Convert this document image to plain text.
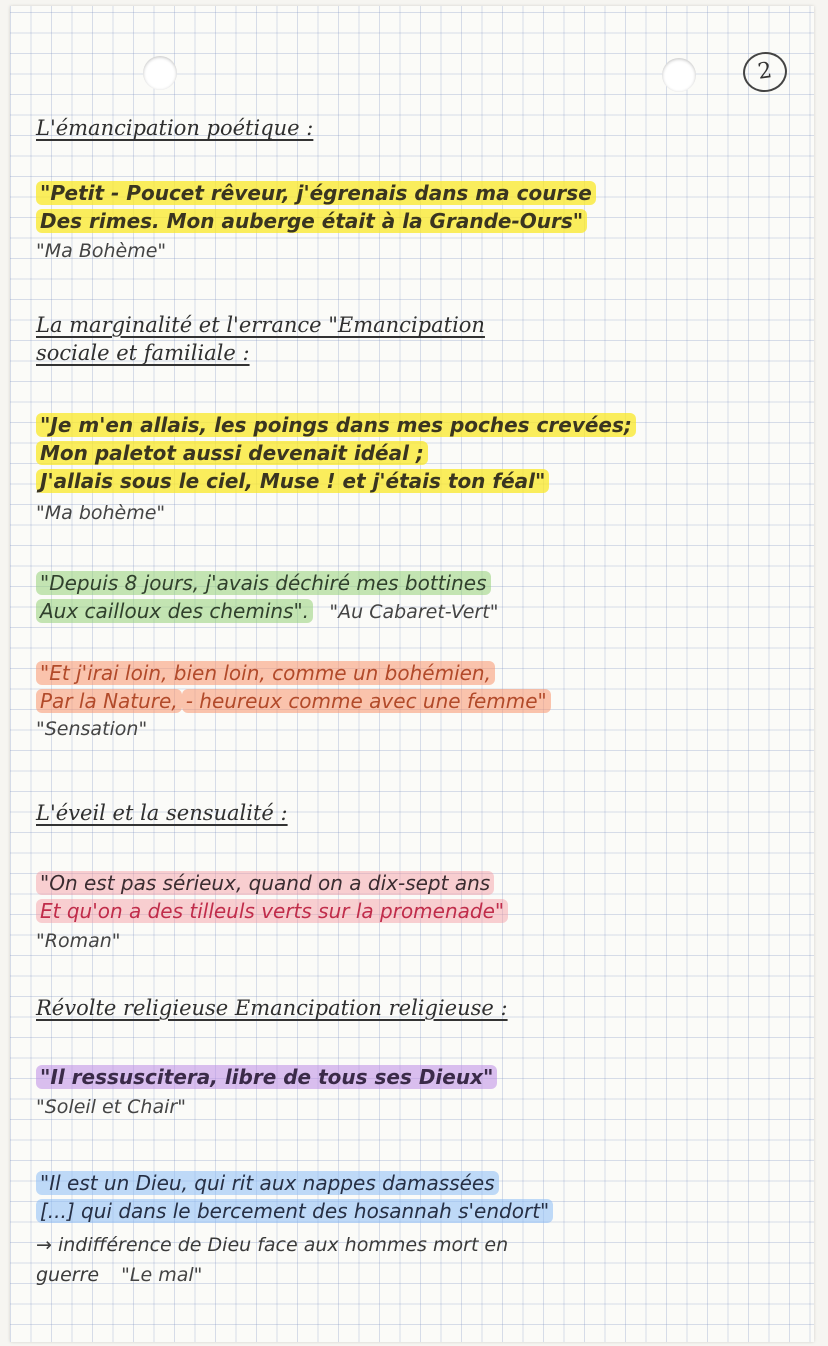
2
L'émancipation poétique :
"Petit - Poucet rêveur, j'égrenais dans ma course
Des rimes. Mon auberge était à la Grande-Ours"
"Ma Bohème"
La marginalité et l'errance "Emancipation
sociale et familiale :
"Je m'en allais, les poings dans mes poches crevées;
Mon paletot aussi devenait idéal ;
J'allais sous le ciel, Muse ! et j'étais ton féal"
"Ma bohème"
"Depuis 8 jours, j'avais déchiré mes bottines
Aux cailloux des chemins". "Au Cabaret-Vert"
"Et j'irai loin, bien loin, comme un bohémien,
Par la Nature, - heureux comme avec une femme"
"Sensation"
L'éveil et la sensualité :
"On est pas sérieux, quand on a dix-sept ans
Et qu'on a des tilleuls verts sur la promenade"
"Roman"
Révolte religieuse Emancipation religieuse :
"Il ressuscitera, libre de tous ses Dieux"
"Soleil et Chair"
"Il est un Dieu, qui rit aux nappes damassées
[...] qui dans le bercement des hosannah s'endort"
→ indifférence de Dieu face aux hommes mort en
guerre "Le mal"
